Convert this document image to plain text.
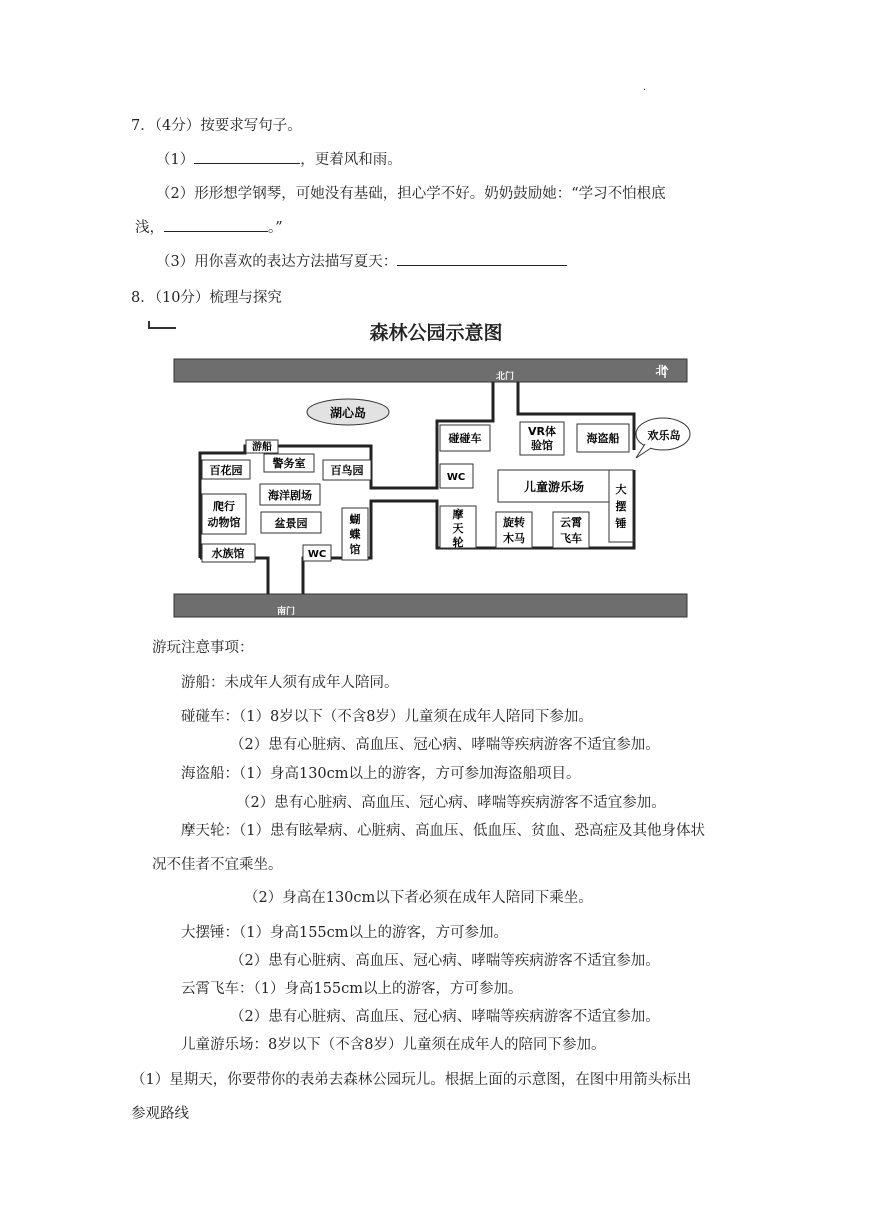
.
7．（4分）按要求写句子。
（1）	，更着风和雨。
（2）形形想学钢琴，可她没有基础，担心学不好。奶奶鼓励她：“学习不怕根底
浅，	。”
（3）用你喜欢的表达方法描写夏天：
8．（10分）梳理与探究
森林公园示意图
北门
南门
北
湖心岛
游船
警务室
百花园	百鸟园
海洋剧场
爬行
动物馆	盆景园
水族馆	WC
蝴
蝶
馆
碰碰车
VR体
验馆
海盗船	欢乐岛
WC
儿童游乐场	大
摆
锤
摩
天
轮
旋转
木马
云霄
飞车
游玩注意事项：
游船：未成年人须有成年人陪同。
碰碰车：（1）8岁以下（不含8岁）儿童须在成年人陪同下参加。
（2）患有心脏病、高血压、冠心病、哮喘等疾病游客不适宜参加。
海盗船：（1）身高130cm以上的游客，方可参加海盗船项目。
（2）患有心脏病、高血压、冠心病、哮喘等疾病游客不适宜参加。
摩天轮：（1）患有眩晕病、心脏病、高血压、低血压、贫血、恐高症及其他身体状
况不佳者不宜乘坐。
（2）身高在130cm以下者必须在成年人陪同下乘坐。
大摆锤：（1）身高155cm以上的游客，方可参加。
（2）患有心脏病、高血压、冠心病、哮喘等疾病游客不适宜参加。
云霄飞车：（1）身高155cm以上的游客，方可参加。
（2）患有心脏病、高血压、冠心病、哮喘等疾病游客不适宜参加。
儿童游乐场：8岁以下（不含8岁）儿童须在成年人的陪同下参加。
（1）星期天，你要带你的表弟去森林公园玩儿。根据上面的示意图，在图中用箭头标出
参观路线
